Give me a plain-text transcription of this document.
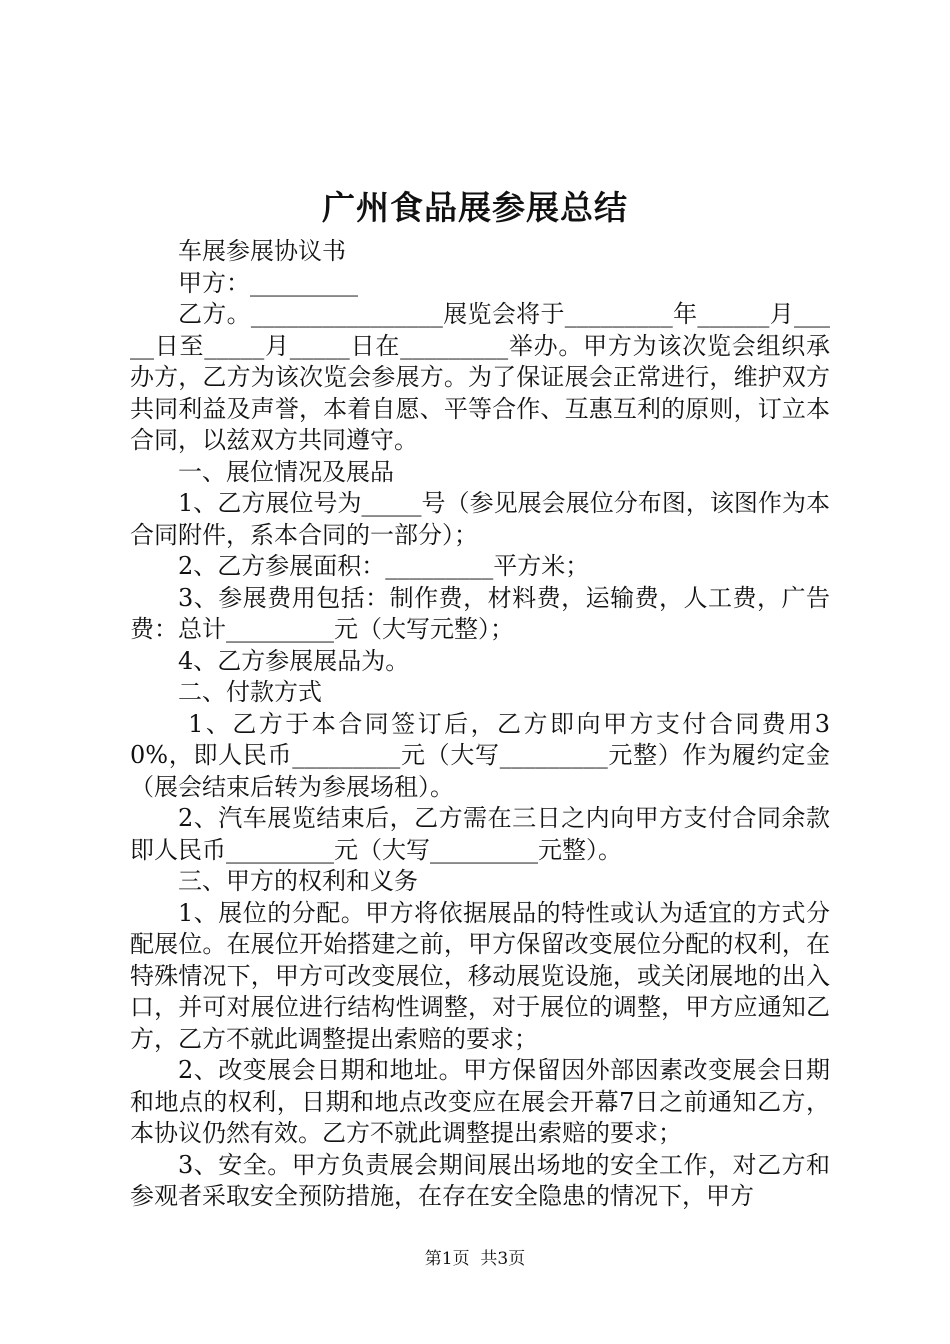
广州食品展参展总结

车展参展协议书

甲方：_________

乙方。________________展览会将于_________年______月_____日至_____月_____日在_________举办。甲方为该次览会组织承办方，乙方为该次览会参展方。为了保证展会正常进行，维护双方共同利益及声誉，本着自愿、平等合作、互惠互利的原则，订立本合同，以兹双方共同遵守。

一、展位情况及展品

1、乙方展位号为_____号（参见展会展位分布图，该图作为本合同附件，系本合同的一部分）；

2、乙方参展面积：_________平方米；

3、参展费用包括：制作费，材料费，运输费，人工费，广告费：总计_________元（大写元整）；

4、乙方参展展品为。

二、付款方式

1、乙方于本合同签订后，乙方即向甲方支付合同费用30%，即人民币_________元（大写_________元整）作为履约定金（展会结束后转为参展场租）。

2、汽车展览结束后，乙方需在三日之内向甲方支付合同余款即人民币_________元（大写_________元整）。

三、甲方的权利和义务

1、展位的分配。甲方将依据展品的特性或认为适宜的方式分配展位。在展位开始搭建之前，甲方保留改变展位分配的权利，在特殊情况下，甲方可改变展位，移动展览设施，或关闭展地的出入口，并可对展位进行结构性调整，对于展位的调整，甲方应通知乙方，乙方不就此调整提出索赔的要求；

2、改变展会日期和地址。甲方保留因外部因素改变展会日期和地点的权利，日期和地点改变应在展会开幕7日之前通知乙方，本协议仍然有效。乙方不就此调整提出索赔的要求；

3、安全。甲方负责展会期间展出场地的安全工作，对乙方和参观者采取安全预防措施，在存在安全隐患的情况下，甲方

第1页  共3页
